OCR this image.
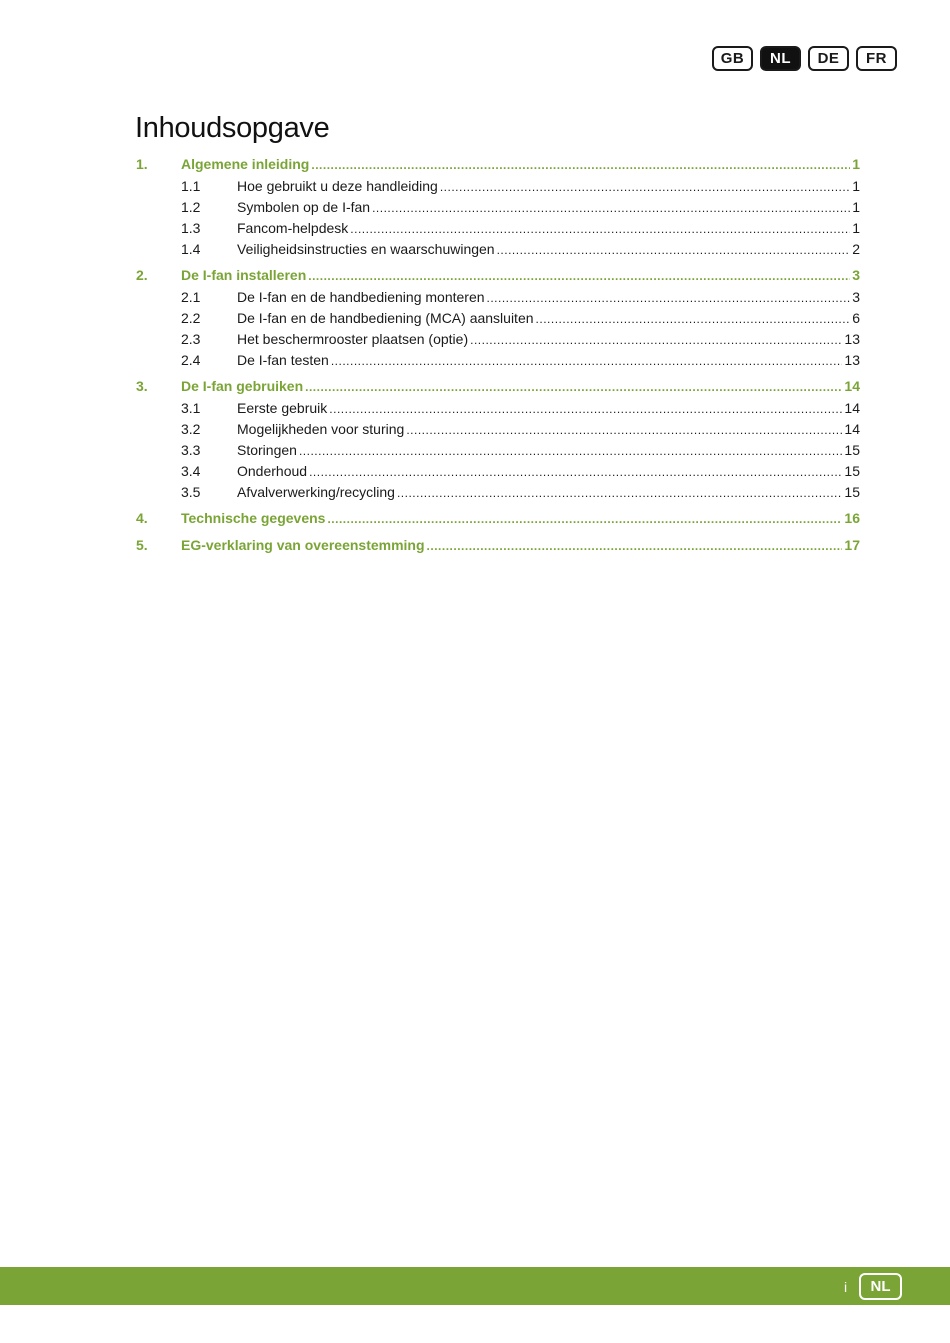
GB	NL	DE	FR
Inhoudsopgave
1.	Algemene inleiding .....	1
1.1	Hoe gebruikt u deze handleiding .....	1
1.2	Symbolen op de I-fan .....	1
1.3	Fancom-helpdesk .....	1
1.4	Veiligheidsinstructies en waarschuwingen .....	2
2.	De I-fan installeren .....	3
2.1	De I-fan en de handbediening monteren .....	3
2.2	De I-fan en de handbediening (MCA) aansluiten .....	6
2.3	Het beschermrooster plaatsen (optie) .....	13
2.4	De I-fan testen .....	13
3.	De I-fan gebruiken .....	14
3.1	Eerste gebruik .....	14
3.2	Mogelijkheden voor sturing .....	14
3.3	Storingen .....	15
3.4	Onderhoud .....	15
3.5	Afvalverwerking/recycling .....	15
4.	Technische gegevens .....	16
5.	EG-verklaring van overeenstemming .....	17
i	NL
